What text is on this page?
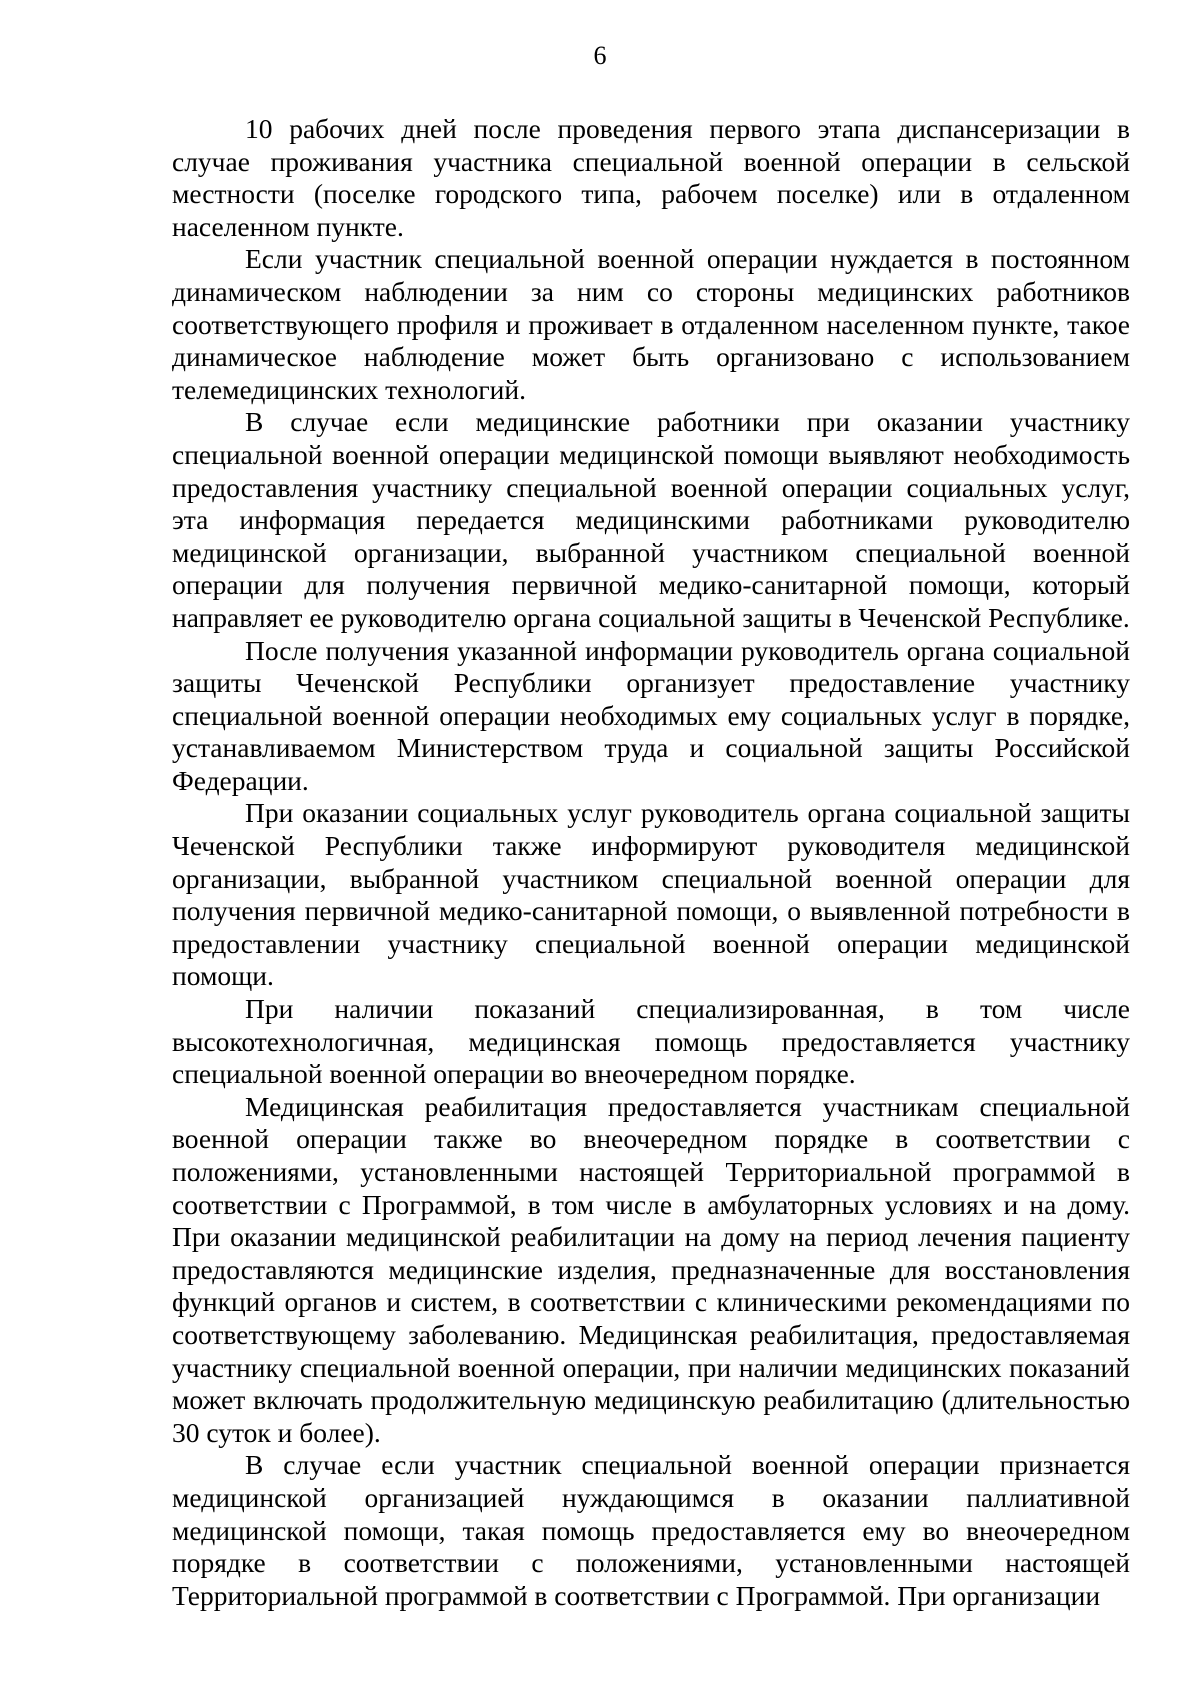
6

10 рабочих дней после проведения первого этапа диспансеризации в случае проживания участника специальной военной операции в сельской местности (поселке городского типа, рабочем поселке) или в отдаленном населенном пункте.

Если участник специальной военной операции нуждается в постоянном динамическом наблюдении за ним со стороны медицинских работников соответствующего профиля и проживает в отдаленном населенном пункте, такое динамическое наблюдение может быть организовано с использованием телемедицинских технологий.

В случае если медицинские работники при оказании участнику специальной военной операции медицинской помощи выявляют необходимость предоставления участнику специальной военной операции социальных услуг, эта информация передается медицинскими работниками руководителю медицинской организации, выбранной участником специальной военной операции для получения первичной медико-санитарной помощи, который направляет ее руководителю органа социальной защиты в Чеченской Республике.

После получения указанной информации руководитель органа социальной защиты Чеченской Республики организует предоставление участнику специальной военной операции необходимых ему социальных услуг в порядке, устанавливаемом Министерством труда и социальной защиты Российской Федерации.

При оказании социальных услуг руководитель органа социальной защиты Чеченской Республики также информируют руководителя медицинской организации, выбранной участником специальной военной операции для получения первичной медико-санитарной помощи, о выявленной потребности в предоставлении участнику специальной военной операции медицинской помощи.

При наличии показаний специализированная, в том числе высокотехнологичная, медицинская помощь предоставляется участнику специальной военной операции во внеочередном порядке.

Медицинская реабилитация предоставляется участникам специальной военной операции также во внеочередном порядке в соответствии с положениями, установленными настоящей Территориальной программой в соответствии с Программой, в том числе в амбулаторных условиях и на дому. При оказании медицинской реабилитации на дому на период лечения пациенту предоставляются медицинские изделия, предназначенные для восстановления функций органов и систем, в соответствии с клиническими рекомендациями по соответствующему заболеванию. Медицинская реабилитация, предоставляемая участнику специальной военной операции, при наличии медицинских показаний может включать продолжительную медицинскую реабилитацию (длительностью 30 суток и более).

В случае если участник специальной военной операции признается медицинской организацией нуждающимся в оказании паллиативной медицинской помощи, такая помощь предоставляется ему во внеочередном порядке в соответствии с положениями, установленными настоящей Территориальной программой в соответствии с Программой. При организации
